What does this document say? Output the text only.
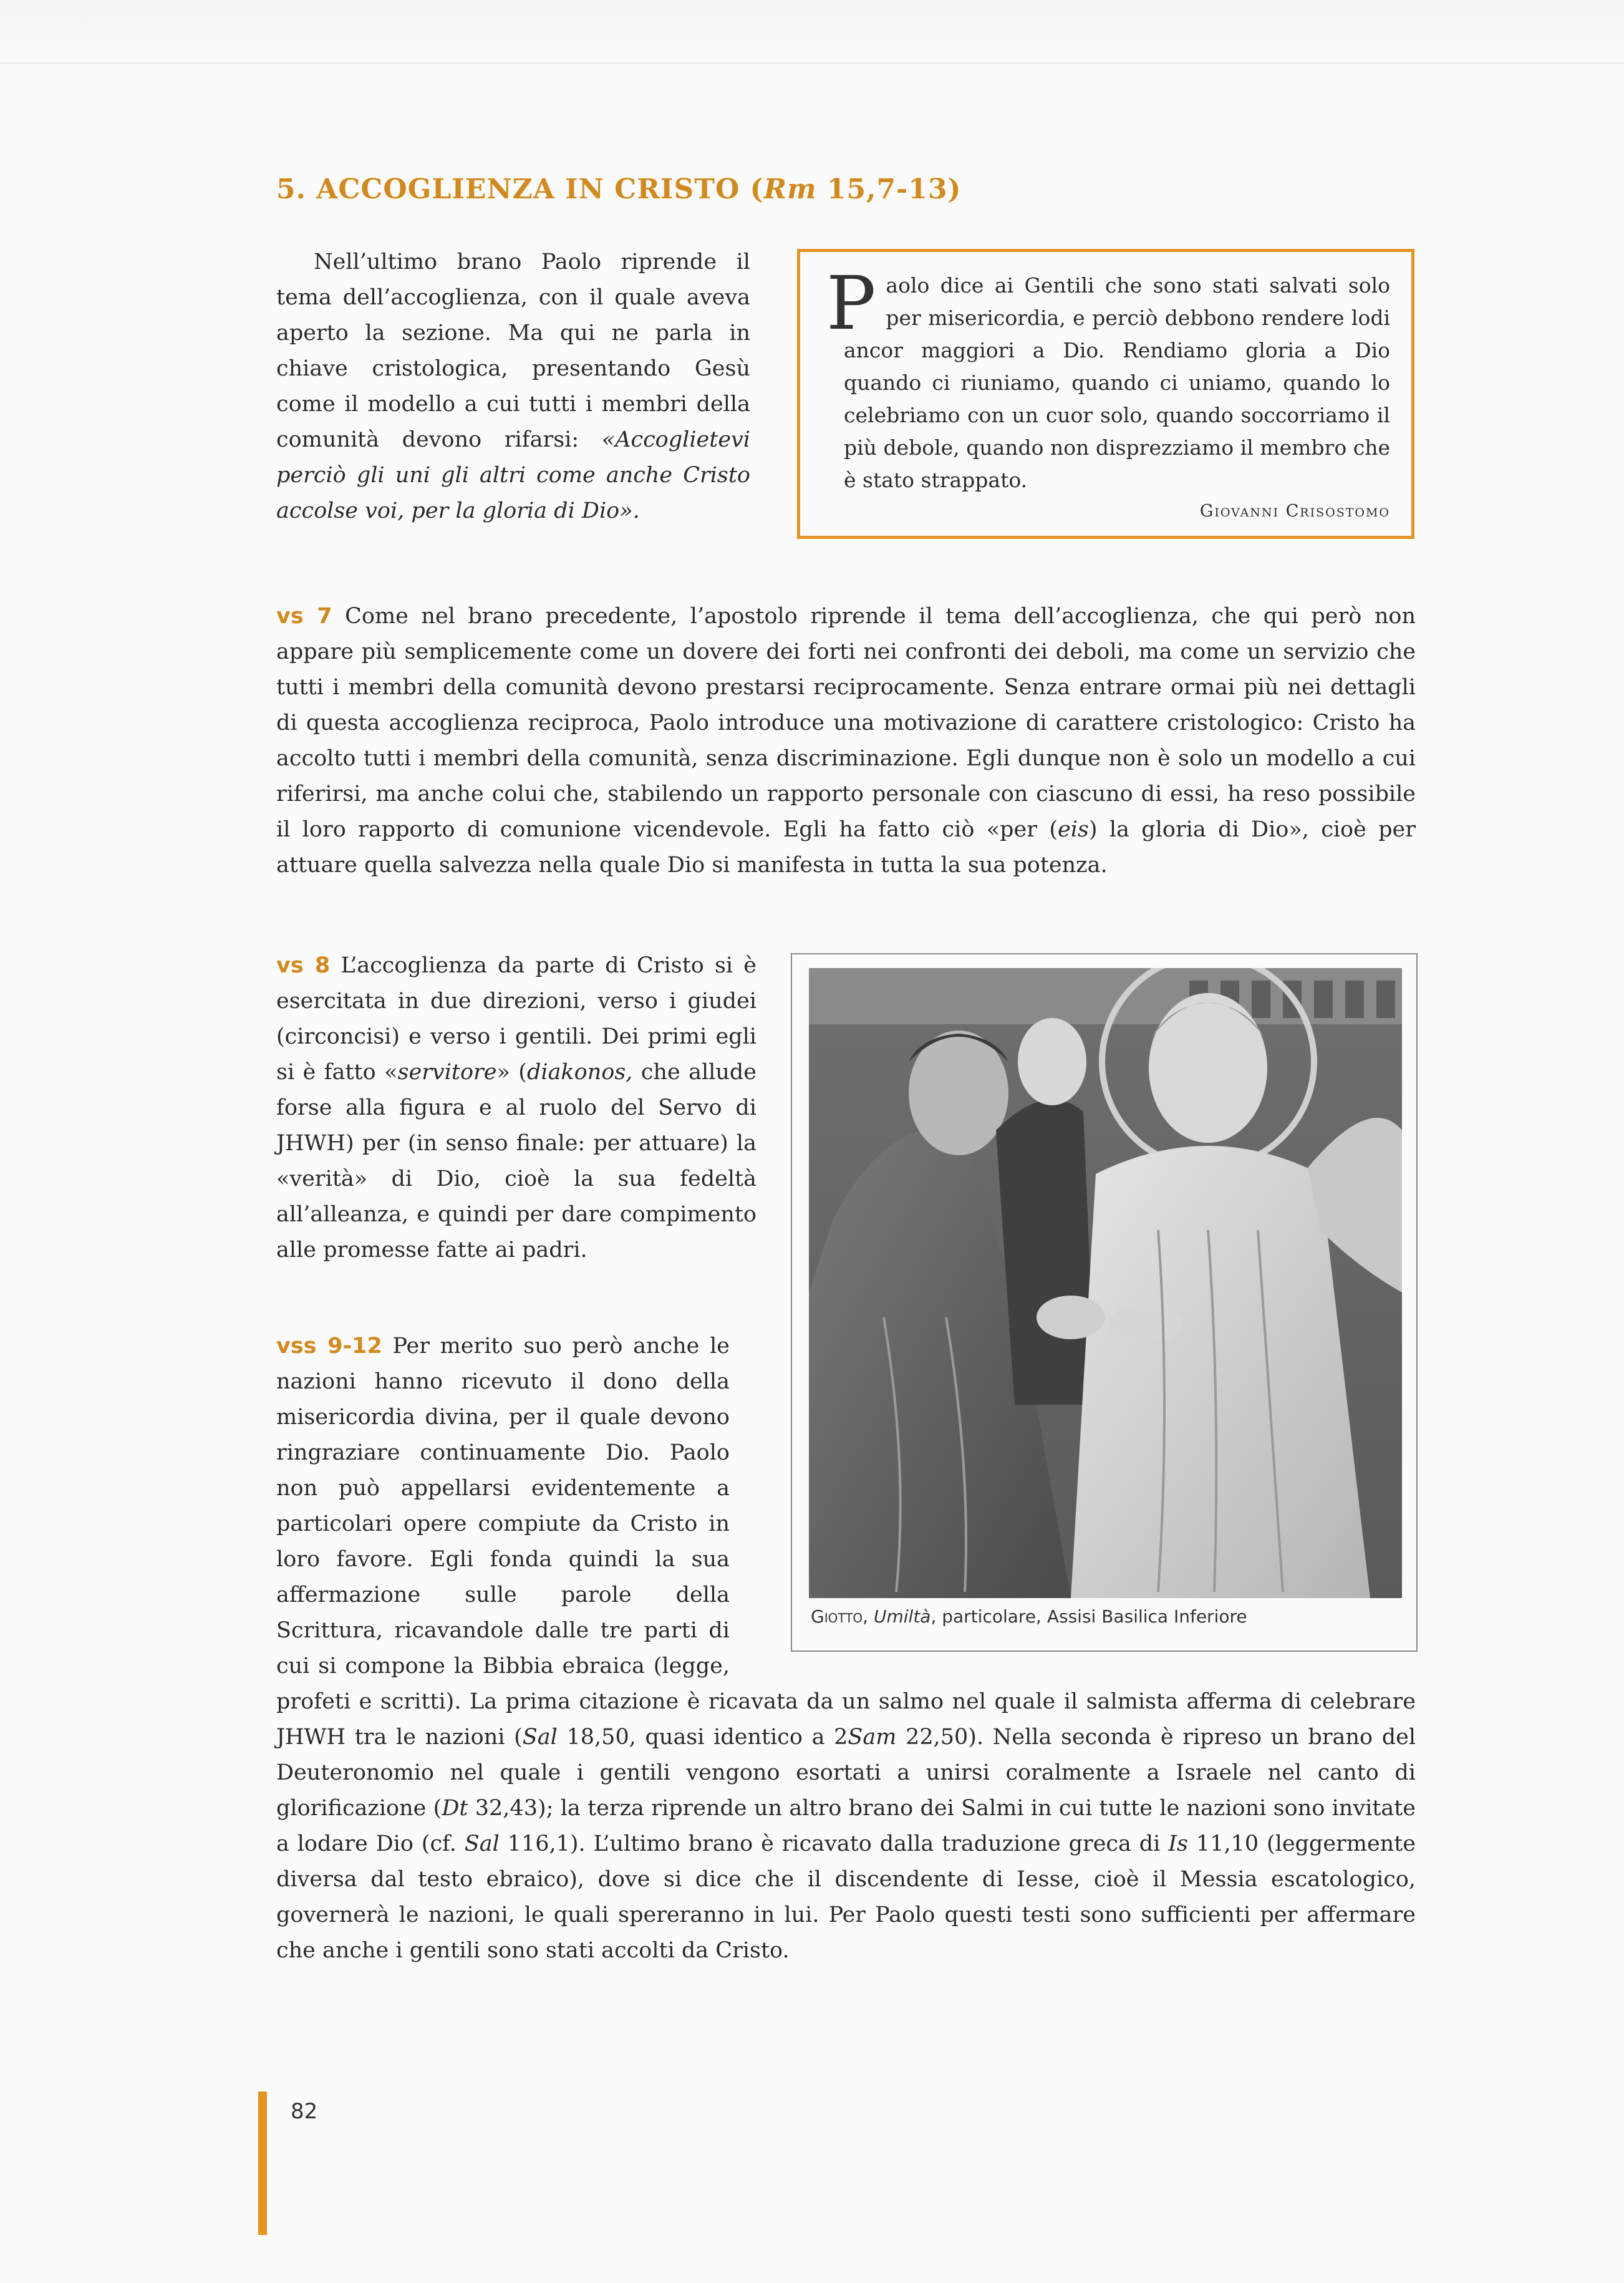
5. ACCOGLIENZA IN CRISTO (Rm 15,7-13)

Nell’ultimo brano Paolo riprende il tema dell’accoglienza, con il quale aveva aperto la sezione. Ma qui ne parla in chiave cristologica, presentando Gesù come il modello a cui tutti i membri della comunità devono rifarsi: «Accoglietevi perciò gli uni gli altri come anche Cristo accolse voi, per la gloria di Dio».

Paolo dice ai Gentili che sono stati salvati solo per misericordia, e perciò debbono rendere lodi ancor maggiori a Dio. Rendiamo gloria a Dio quando ci riuniamo, quando ci uniamo, quando lo celebriamo con un cuor solo, quando soccorriamo il più debole, quando non disprezziamo il membro che è stato strappato.

Giovanni Crisostomo

vs 7 Come nel brano precedente, l’apostolo riprende il tema dell’accoglienza, che qui però non appare più semplicemente come un dovere dei forti nei confronti dei deboli, ma come un servizio che tutti i membri della comunità devono prestarsi reciprocamente. Senza entrare ormai più nei dettagli di questa accoglienza reciproca, Paolo introduce una motivazione di carattere cristologico: Cristo ha accolto tutti i membri della comunità, senza discriminazione. Egli dunque non è solo un modello a cui riferirsi, ma anche colui che, stabilendo un rapporto personale con ciascuno di essi, ha reso possibile il loro rapporto di comunione vicendevole. Egli ha fatto ciò «per (eis) la gloria di Dio», cioè per attuare quella salvezza nella quale Dio si manifesta in tutta la sua potenza.

vs 8 L’accoglienza da parte di Cristo si è esercitata in due direzioni, verso i giudei (circoncisi) e verso i gentili. Dei primi egli si è fatto «servitore» (diakonos, che allude forse alla figura e al ruolo del Servo di JHWH) per (in senso finale: per attuare) la «verità» di Dio, cioè la sua fedeltà all’alleanza, e quindi per dare compimento alle promesse fatte ai padri.

vss 9-12 Per merito suo però anche le nazioni hanno ricevuto il dono della misericordia divina, per il quale devono ringraziare continuamente Dio. Paolo non può appellarsi evidentemente a particolari opere compiute da Cristo in loro favore. Egli fonda quindi la sua affermazione sulle parole della Scrittura, ricavandole dalle tre parti di cui si compone la Bibbia ebraica (legge, profeti e scritti). La prima citazione è ricavata da un salmo nel quale il salmista afferma di celebrare JHWH tra le nazioni (Sal 18,50, quasi identico a 2Sam 22,50). Nella seconda è ripreso un brano del Deuteronomio nel quale i gentili vengono esortati a unirsi coralmente a Israele nel canto di glorificazione (Dt 32,43); la terza riprende un altro brano dei Salmi in cui tutte le nazioni sono invitate a lodare Dio (cf. Sal 116,1). L’ultimo brano è ricavato dalla traduzione greca di Is 11,10 (leggermente diversa dal testo ebraico), dove si dice che il discendente di Iesse, cioè il Messia escatologico, governerà le nazioni, le quali spereranno in lui. Per Paolo questi testi sono sufficienti per affermare che anche i gentili sono stati accolti da Cristo.

Giotto, Umiltà, particolare, Assisi Basilica Inferiore
82
